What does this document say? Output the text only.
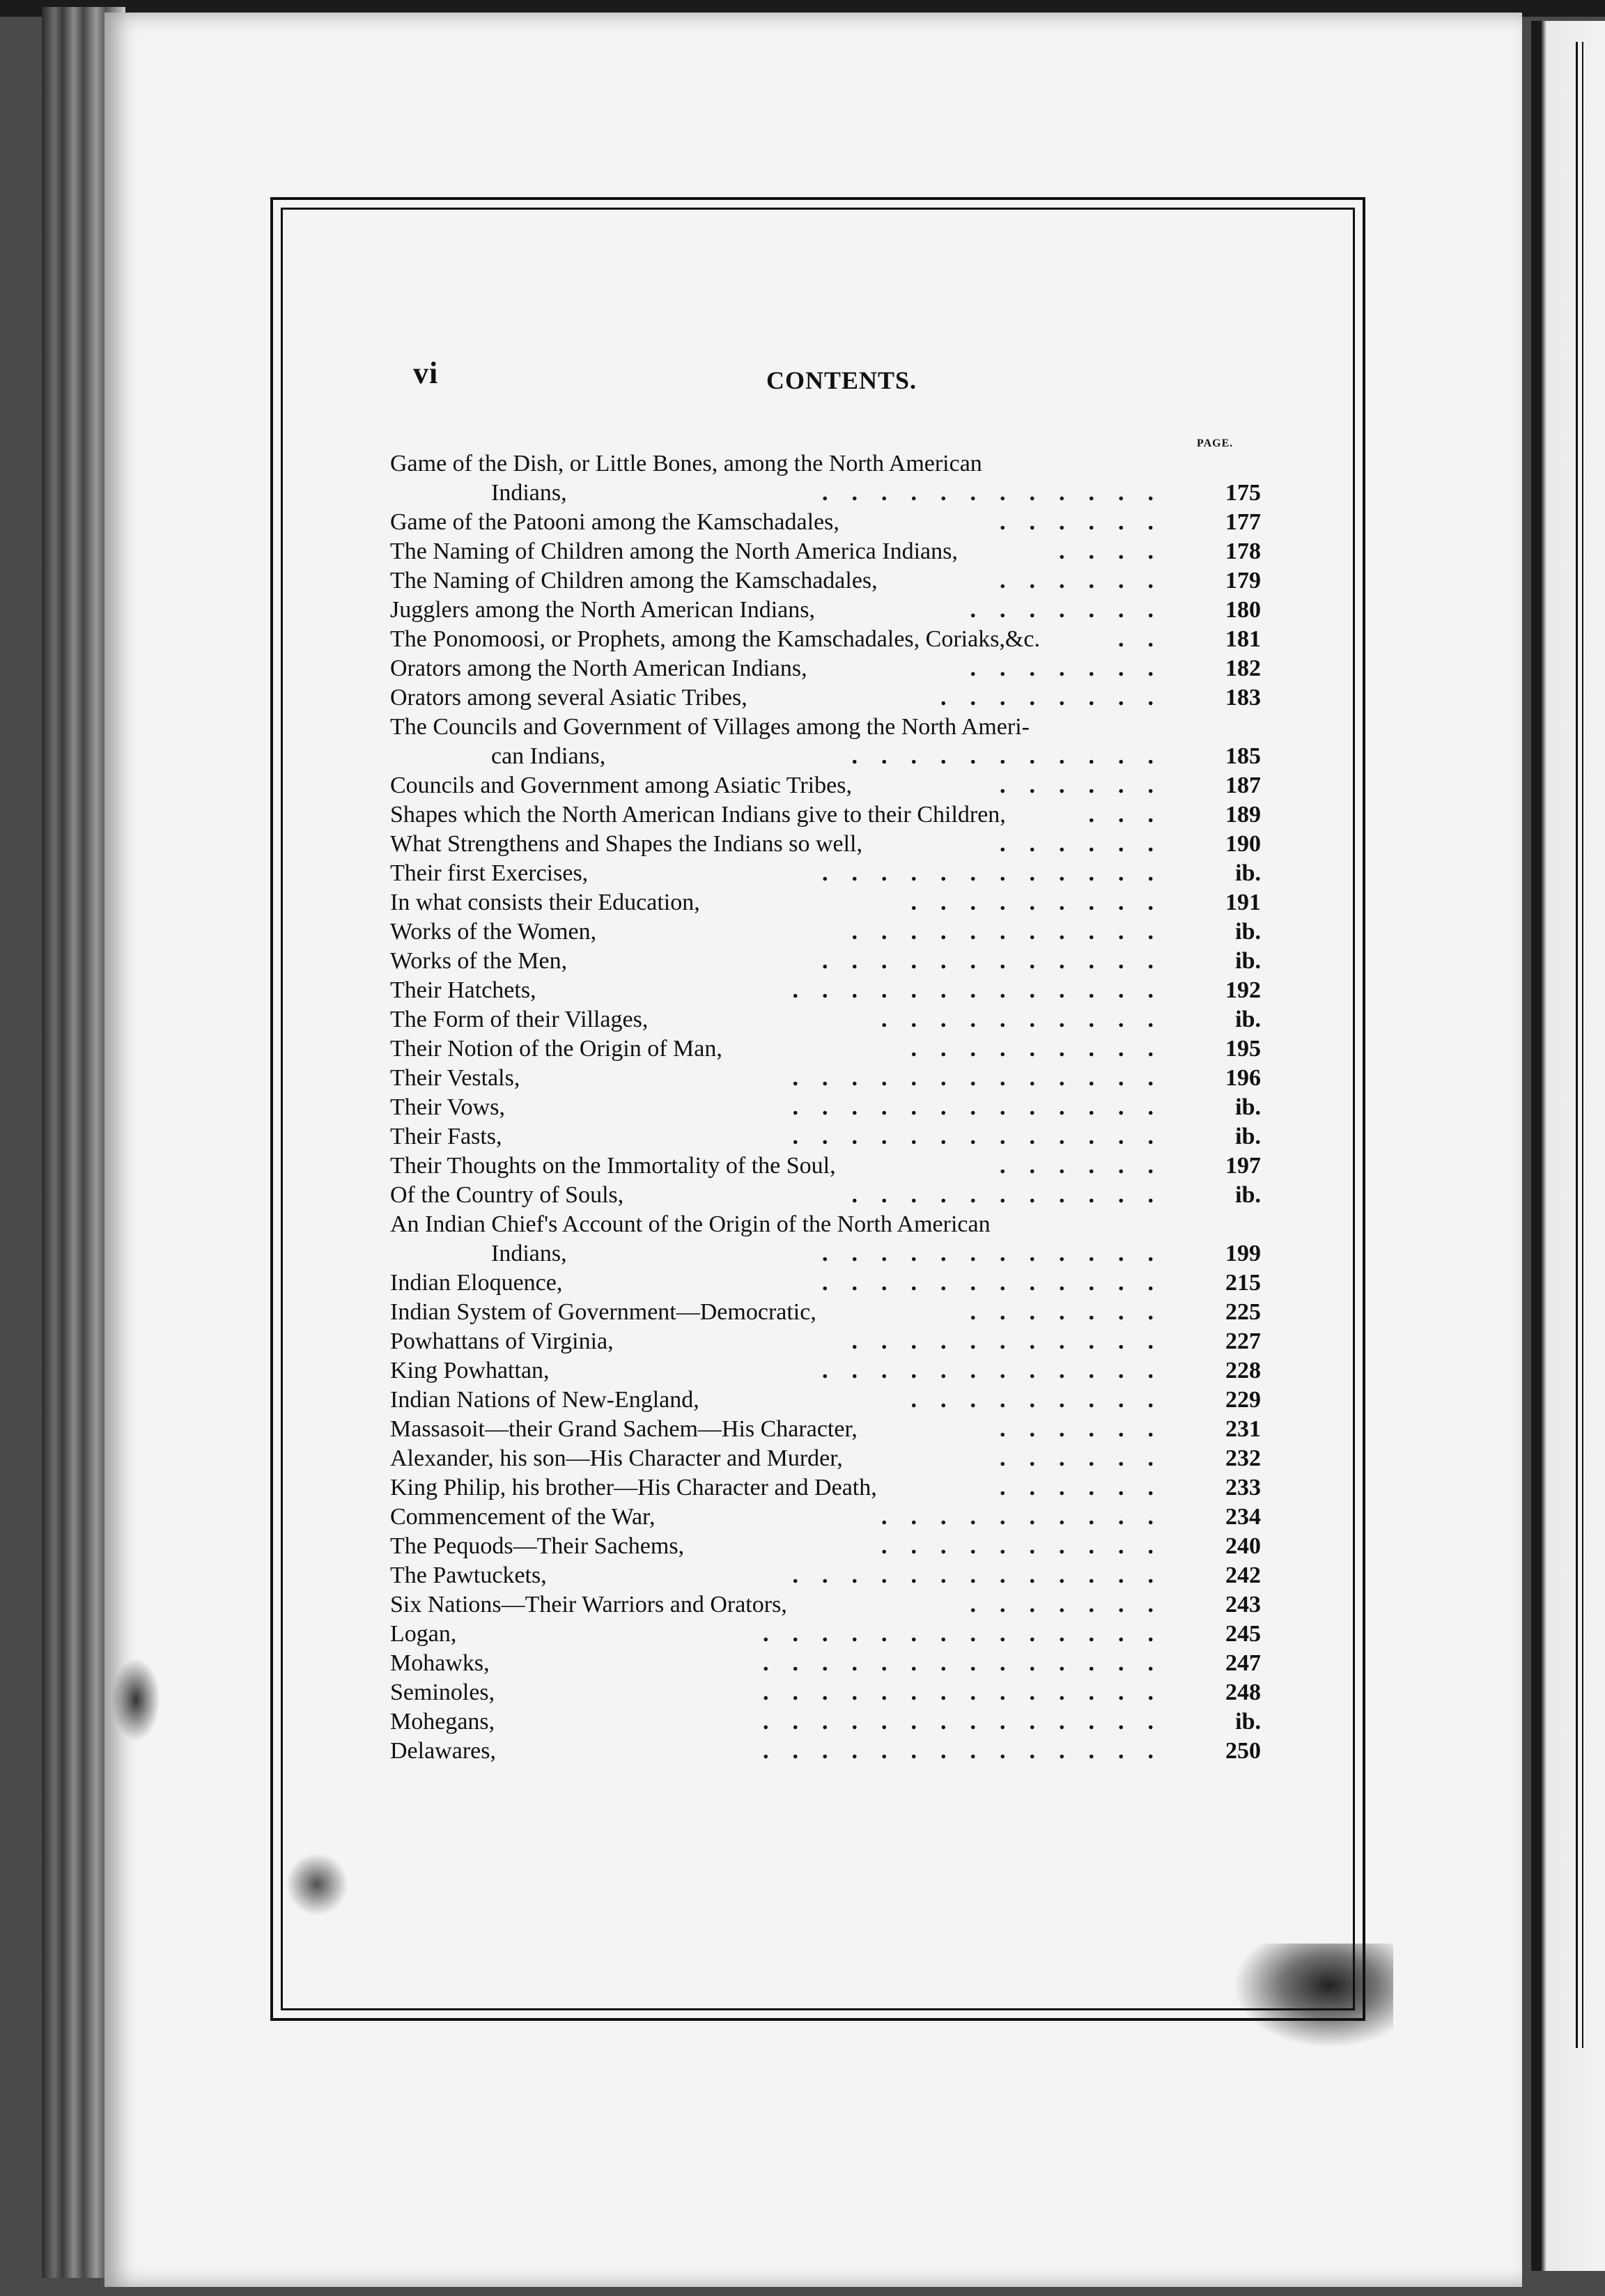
vi	CONTENTS.
PAGE.
Game of the Dish, or Little Bones, among the North American
Indians,	175
............
Game of the Patooni among the Kamschadales,	177
......
The Naming of Children among the North America Indians,	178
....
The Naming of Children among the Kamschadales,	179
......
Jugglers among the North American Indians,	180
.......
The Ponomoosi, or Prophets, among the Kamschadales, Coriaks,&c.	181
..
Orators among the North American Indians,	182
.......
Orators among several Asiatic Tribes,	183
........
The Councils and Government of Villages among the North Ameri-
can Indians,	185
...........
Councils and Government among Asiatic Tribes,	187
......
Shapes which the North American Indians give to their Children,	189
...
What Strengthens and Shapes the Indians so well,	190
......
Their first Exercises,	ib.
............
In what consists their Education,	191
.........
Works of the Women,	ib.
...........
Works of the Men,	ib.
............
Their Hatchets,	192
.............
The Form of their Villages,	ib.
..........
Their Notion of the Origin of Man,	195
.........
Their Vestals,	196
.............
Their Vows,	ib.
.............
Their Fasts,	ib.
.............
Their Thoughts on the Immortality of the Soul,	197
......
Of the Country of Souls,	ib.
...........
An Indian Chief's Account of the Origin of the North American
Indians,	199
............
Indian Eloquence,	215
............
Indian System of Government—Democratic,	225
.......
Powhattans of Virginia,	227
...........
King Powhattan,	228
............
Indian Nations of New-England,	229
.........
Massasoit—their Grand Sachem—His Character,	231
......
Alexander, his son—His Character and Murder,	232
......
King Philip, his brother—His Character and Death,	233
......
Commencement of the War,	234
..........
The Pequods—Their Sachems,	240
..........
The Pawtuckets,	242
.............
Six Nations—Their Warriors and Orators,	243
.......
Logan,	245
..............
Mohawks,	247
..............
Seminoles,	248
..............
Mohegans,	ib.
..............
Delawares,	250
..............
